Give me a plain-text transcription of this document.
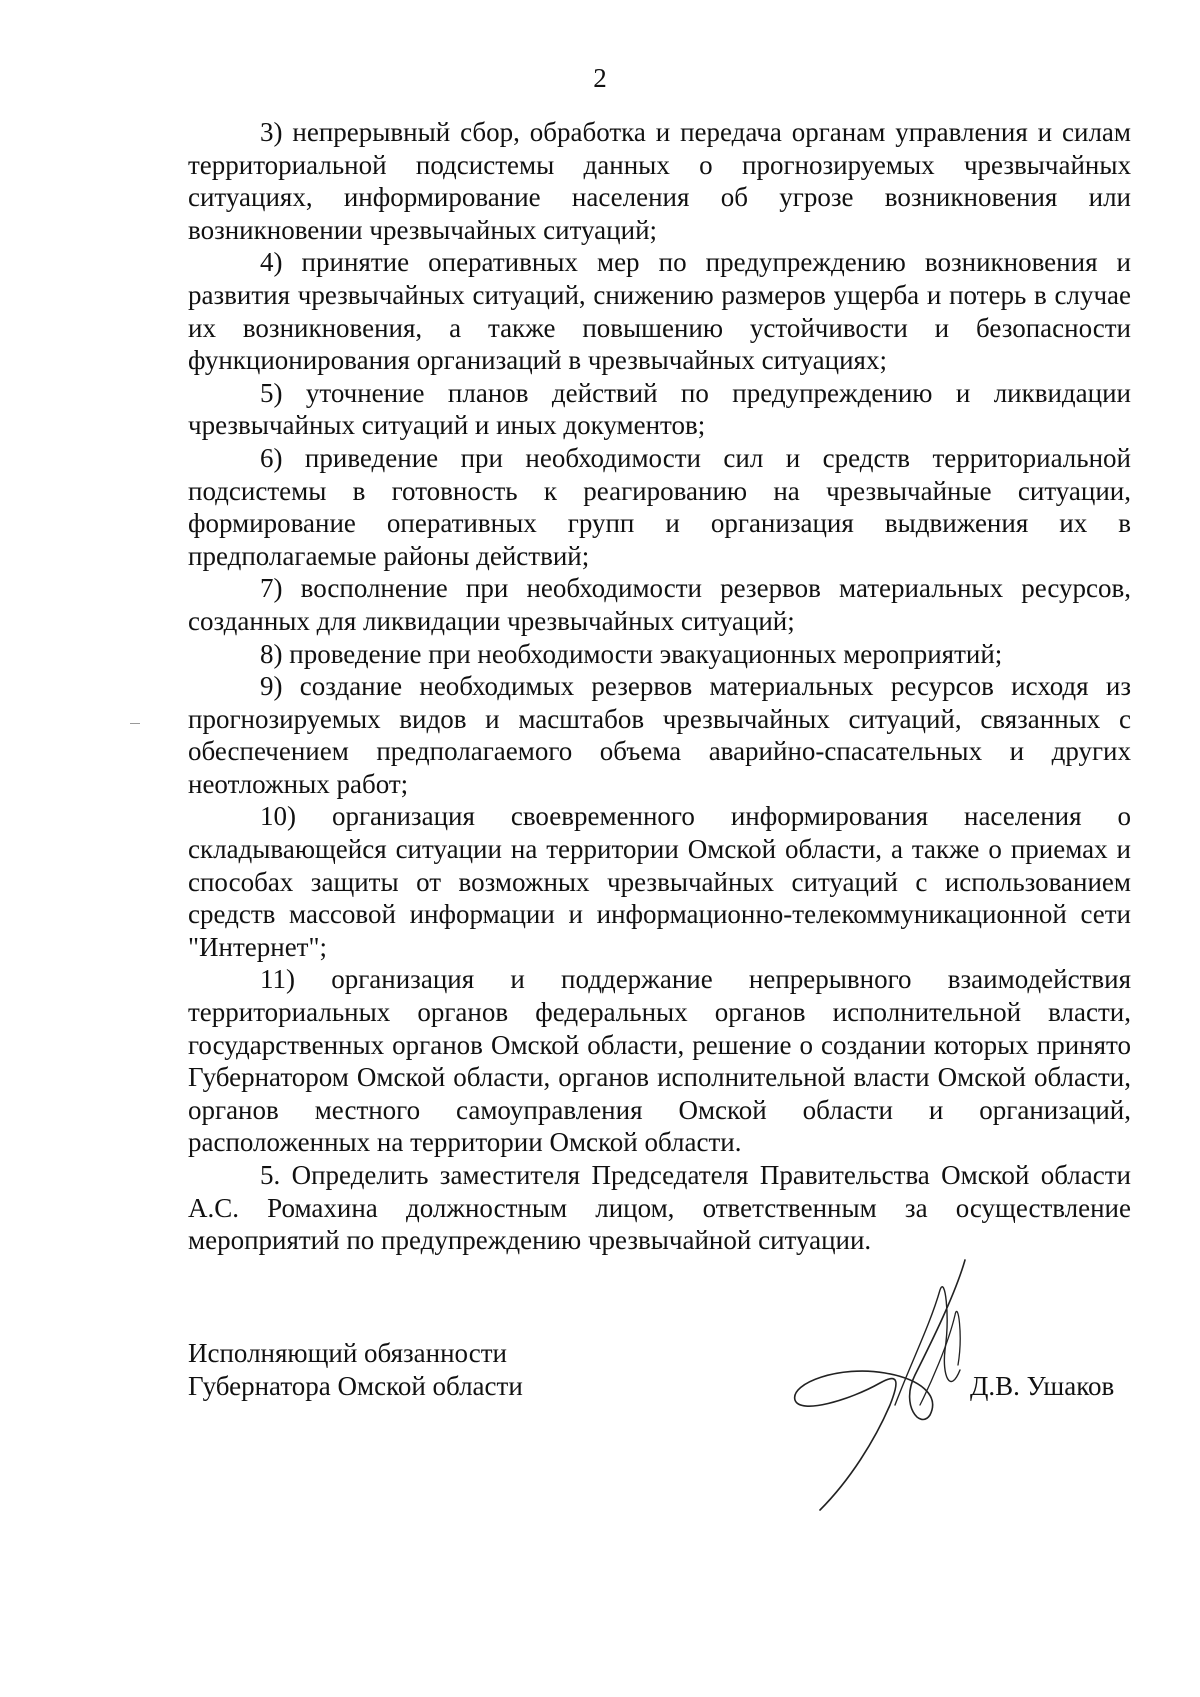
2

3) непрерывный сбор, обработка и передача органам управления и силам территориальной подсистемы данных о прогнозируемых чрезвычайных ситуациях, информирование населения об угрозе возникновения или возникновении чрезвычайных ситуаций;

4) принятие оперативных мер по предупреждению возникновения и развития чрезвычайных ситуаций, снижению размеров ущерба и потерь в случае их возникновения, а также повышению устойчивости и безопасности функционирования организаций в чрезвычайных ситуациях;

5) уточнение планов действий по предупреждению и ликвидации чрезвычайных ситуаций и иных документов;

6) приведение при необходимости сил и средств территориальной подсистемы в готовность к реагированию на чрезвычайные ситуации, формирование оперативных групп и организация выдвижения их в предполагаемые районы действий;

7) восполнение при необходимости резервов материальных ресурсов, созданных для ликвидации чрезвычайных ситуаций;

8) проведение при необходимости эвакуационных мероприятий;

9) создание необходимых резервов материальных ресурсов исходя из прогнозируемых видов и масштабов чрезвычайных ситуаций, связанных с обеспечением предполагаемого объема аварийно-спасательных и других неотложных работ;

10) организация своевременного информирования населения о складывающейся ситуации на территории Омской области, а также о приемах и способах защиты от возможных чрезвычайных ситуаций с использованием средств массовой информации и информационно-телекоммуникационной сети "Интернет";

11) организация и поддержание непрерывного взаимодействия территориальных органов федеральных органов исполнительной власти, государственных органов Омской области, решение о создании которых принято Губернатором Омской области, органов исполнительной власти Омской области, органов местного самоуправления Омской области и организаций, расположенных на территории Омской области.

5. Определить заместителя Председателя Правительства Омской области А.С. Ромахина должностным лицом, ответственным за осуществление мероприятий по предупреждению чрезвычайной ситуации.

Исполняющий обязанности
Губернатора Омской области	Д.В. Ушаков
